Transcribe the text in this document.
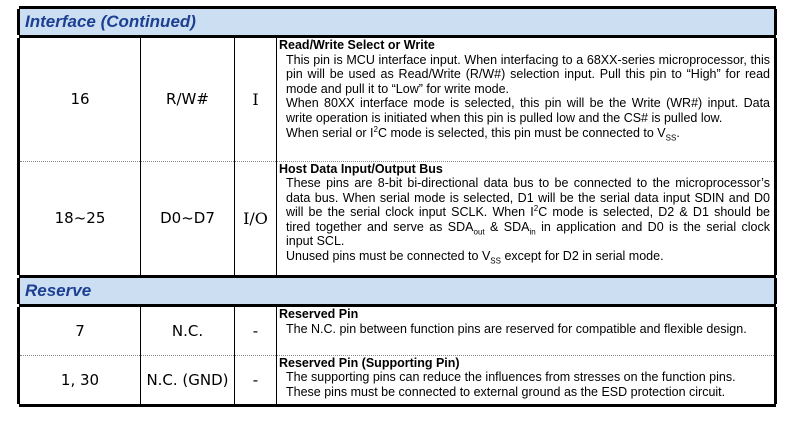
Interface (Continued)			

16	R/W#	I	Read/Write Select or Write
This pin is MCU interface input. When interfacing to a 68XX-series microprocessor, this pin will be used as Read/Write (R/W#) selection input. Pull this pin to “High” for read mode and pull it to “Low” for write mode.
When 80XX interface mode is selected, this pin will be the Write (WR#) input. Data write operation is initiated when this pin is pulled low and the CS# is pulled low.
When serial or $I^2C$ mode is selected, this pin must be connected to $V_{SS}$.

18~25	D0~D7	I/O	Host Data Input/Output Bus
These pins are 8-bit bi-directional data bus to be connected to the microprocessor’s data bus. When serial mode is selected, D1 will be the serial data input SDIN and D0 will be the serial clock input SCLK. When $I^2C$ mode is selected, D2 & D1 should be tired together and serve as $SDA_{out}$ & $SDA_{in}$ in application and D0 is the serial clock input SCL.
Unused pins must be connected to $V_{SS}$ except for D2 in serial mode.

Reserve			

7	N.C.	-	Reserved Pin
The N.C. pin between function pins are reserved for compatible and flexible design.

1, 30	N.C. (GND)	-	Reserved Pin (Supporting Pin)
The supporting pins can reduce the influences from stresses on the function pins.
These pins must be connected to external ground as the ESD protection circuit.
